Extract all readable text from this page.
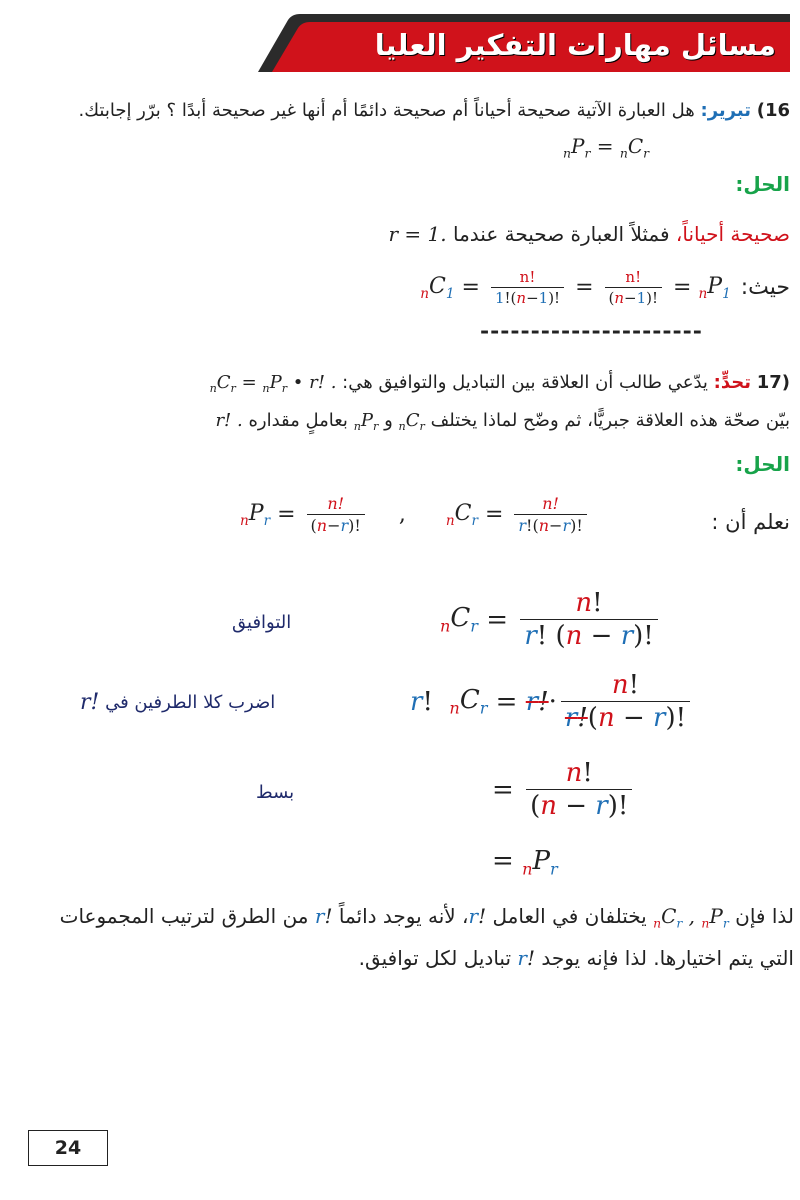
مسائل مهارات التفكير العليا
16) تبرير: هل العبارة الآتية صحيحة أحياناً أم صحيحة دائمًا أم أنها غير صحيحة أبدًا ؟ برّر إجابتك.
$_nP_r = _nC_r$
الحل:
صحيحة أحياناً، فمثلاً العبارة صحيحة عندما r = 1.
حيث:
$_nC_1 = \frac{n!}{1!(n-1)!} = \frac{n!}{(n-1)!} = _nP_1$
----------------------
17) تحدٍّ: يدّعي طالب أن العلاقة بين التباديل والتوافيق هي: $_nC_r = _nP_r$ • r! .
بيّن صحّة هذه العلاقة جبريًّا، ثم وضّح لماذا يختلف $_nC_r$ و $_nP_r$ بعاملٍ مقداره r! .
الحل:
نعلم أن :
$_nP_r = \frac{n!}{(n-r)!}$ ,	$_nC_r = \frac{n!}{r!(n-r)!}$
التوافيق	$_nC_r = \frac{n!}{r! (n - r)!}$
r!
اضرب كلا الطرفين في	r ! $_nC_r = r$! · $\frac{n!}{r!(n - r)!}$
بسط	= $\frac{n!}{(n - r)!}$
= $_nP_r$
لذا فإن $_nC_r$ , $_nP_r$ يختلفان في العامل r!، لأنه يوجد دائماً r! من الطرق لترتيب المجموعات
التي يتم اختيارها. لذا فإنه يوجد r! تباديل لكل توافيق.
24
